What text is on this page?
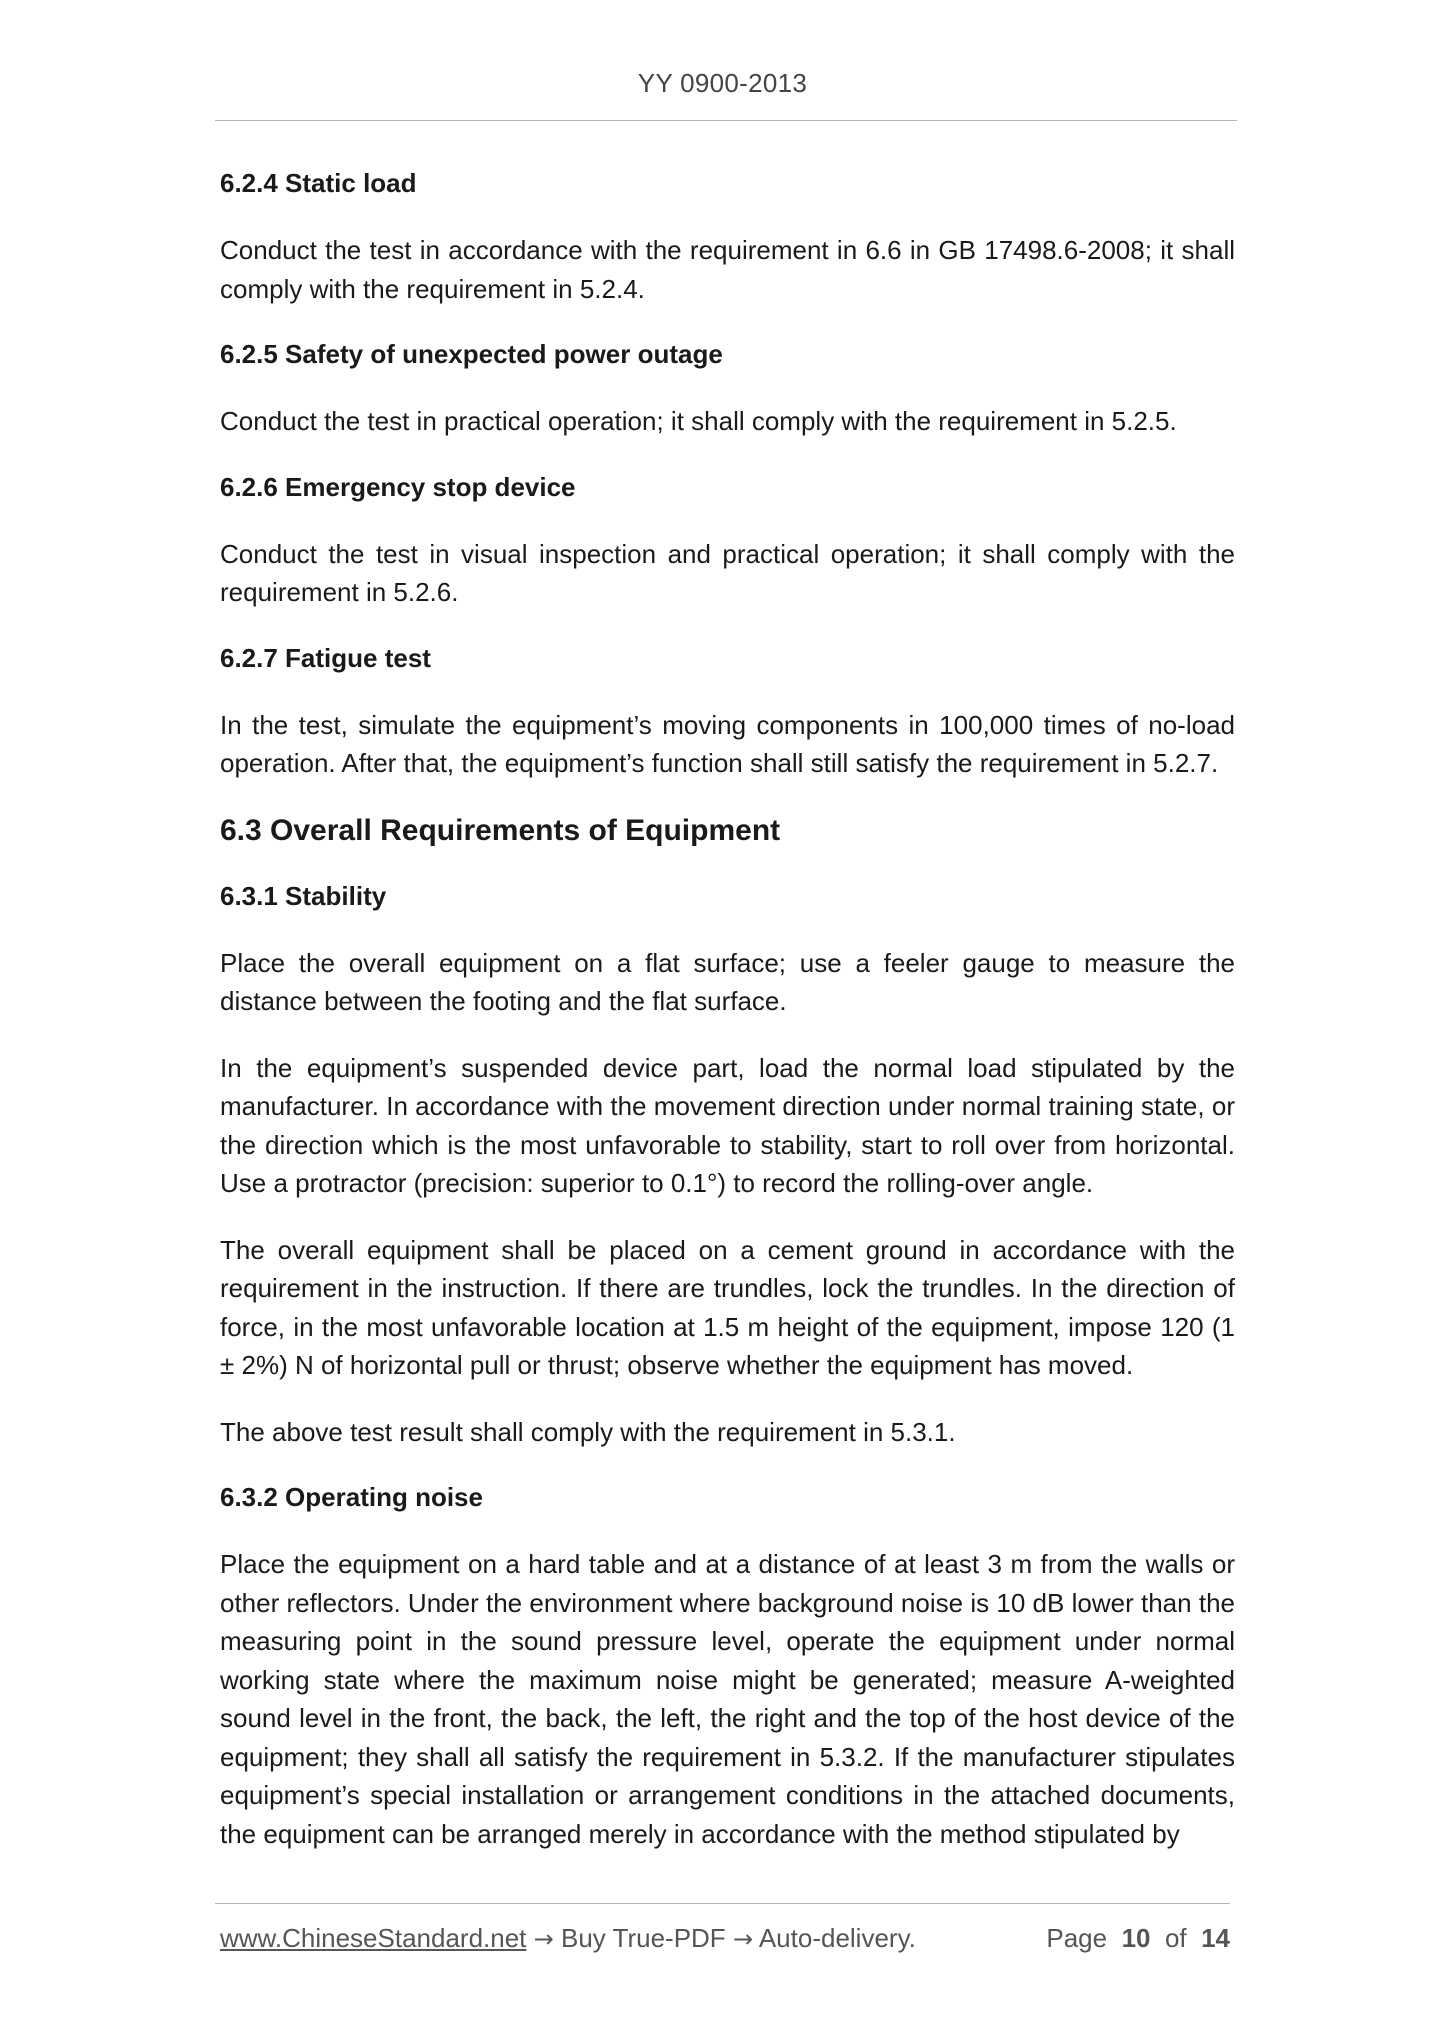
YY 0900-2013
6.2.4 Static load
Conduct the test in accordance with the requirement in 6.6 in GB 17498.6-2008; it shall comply with the requirement in 5.2.4.
6.2.5 Safety of unexpected power outage
Conduct the test in practical operation; it shall comply with the requirement in 5.2.5.
6.2.6 Emergency stop device
Conduct the test in visual inspection and practical operation; it shall comply with the requirement in 5.2.6.
6.2.7 Fatigue test
In the test, simulate the equipment’s moving components in 100,000 times of no-load operation. After that, the equipment’s function shall still satisfy the requirement in 5.2.7.
6.3 Overall Requirements of Equipment
6.3.1 Stability
Place the overall equipment on a flat surface; use a feeler gauge to measure the distance between the footing and the flat surface.
In the equipment’s suspended device part, load the normal load stipulated by the manufacturer. In accordance with the movement direction under normal training state, or the direction which is the most unfavorable to stability, start to roll over from horizontal. Use a protractor (precision: superior to 0.1°) to record the rolling-over angle.
The overall equipment shall be placed on a cement ground in accordance with the requirement in the instruction. If there are trundles, lock the trundles. In the direction of force, in the most unfavorable location at 1.5 m height of the equipment, impose 120 (1 ± 2%) N of horizontal pull or thrust; observe whether the equipment has moved.
The above test result shall comply with the requirement in 5.3.1.
6.3.2 Operating noise
Place the equipment on a hard table and at a distance of at least 3 m from the walls or other reflectors. Under the environment where background noise is 10 dB lower than the measuring point in the sound pressure level, operate the equipment under normal working state where the maximum noise might be generated; measure A-weighted sound level in the front, the back, the left, the right and the top of the host device of the equipment; they shall all satisfy the requirement in 5.3.2. If the manufacturer stipulates equipment’s special installation or arrangement conditions in the attached documents, the equipment can be arranged merely in accordance with the method stipulated by
www.ChineseStandard.net → Buy True-PDF → Auto-delivery.	Page 10 of 14
